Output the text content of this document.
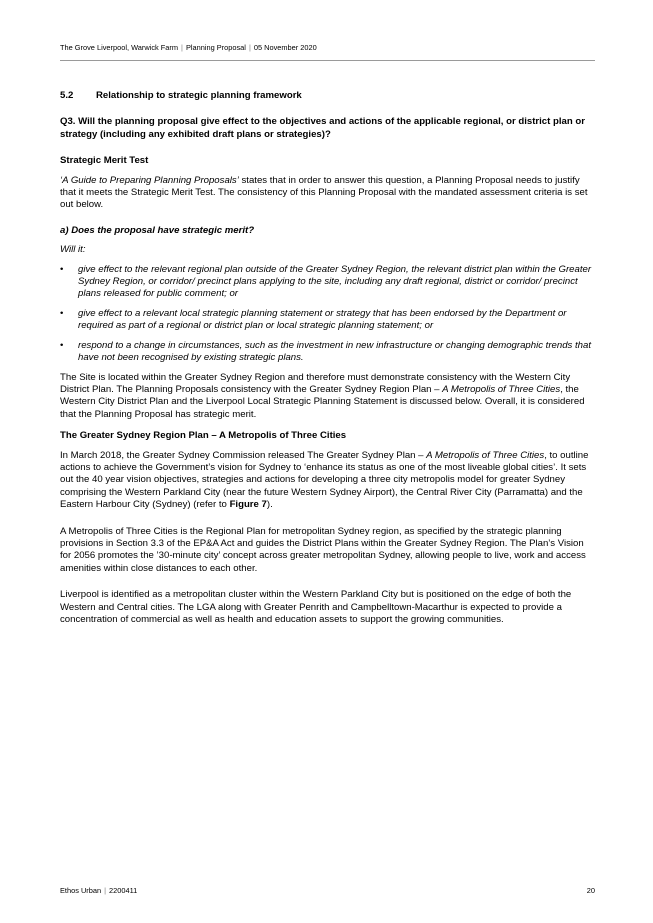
The Grove Liverpool, Warwick Farm | Planning Proposal | 05 November 2020
5.2	Relationship to strategic planning framework

Q3. Will the planning proposal give effect to the objectives and actions of the applicable regional, or district plan or strategy (including any exhibited draft plans or strategies)?

Strategic Merit Test

‘A Guide to Preparing Planning Proposals’ states that in order to answer this question, a Planning Proposal needs to justify that it meets the Strategic Merit Test. The consistency of this Planning Proposal with the mandated assessment criteria is set out below.

a) Does the proposal have strategic merit?

Will it:

•	give effect to the relevant regional plan outside of the Greater Sydney Region, the relevant district plan within the Greater Sydney Region, or corridor/ precinct plans applying to the site, including any draft regional, district or corridor/ precinct plans released for public comment; or
•	give effect to a relevant local strategic planning statement or strategy that has been endorsed by the Department or required as part of a regional or district plan or local strategic planning statement; or
•	respond to a change in circumstances, such as the investment in new infrastructure or changing demographic trends that have not been recognised by existing strategic plans.

The Site is located within the Greater Sydney Region and therefore must demonstrate consistency with the Western City District Plan. The Planning Proposals consistency with the Greater Sydney Region Plan – A Metropolis of Three Cities, the Western City District Plan and the Liverpool Local Strategic Planning Statement is discussed below. Overall, it is considered that the Planning Proposal has strategic merit.

The Greater Sydney Region Plan – A Metropolis of Three Cities

In March 2018, the Greater Sydney Commission released The Greater Sydney Plan – A Metropolis of Three Cities, to outline actions to achieve the Government’s vision for Sydney to ‘enhance its status as one of the most liveable global cities’. It sets out the 40 year vision objectives, strategies and actions for developing a three city metropolis model for greater Sydney comprising the Western Parkland City (near the future Western Sydney Airport), the Central River City (Parramatta) and the Eastern Harbour City (Sydney) (refer to Figure 7).

A Metropolis of Three Cities is the Regional Plan for metropolitan Sydney region, as specified by the strategic planning provisions in Section 3.3 of the EP&A Act and guides the District Plans within the Greater Sydney Region. The Plan’s Vision for 2056 promotes the ’30-minute city’ concept across greater metropolitan Sydney, allowing people to live, work and access amenities within close distances to each other.

Liverpool is identified as a metropolitan cluster within the Western Parkland City but is positioned on the edge of both the Western and Central cities. The LGA along with Greater Penrith and Campbelltown-Macarthur is expected to provide a concentration of commercial as well as health and education assets to support the growing communities.

Ethos Urban | 2200411	20
